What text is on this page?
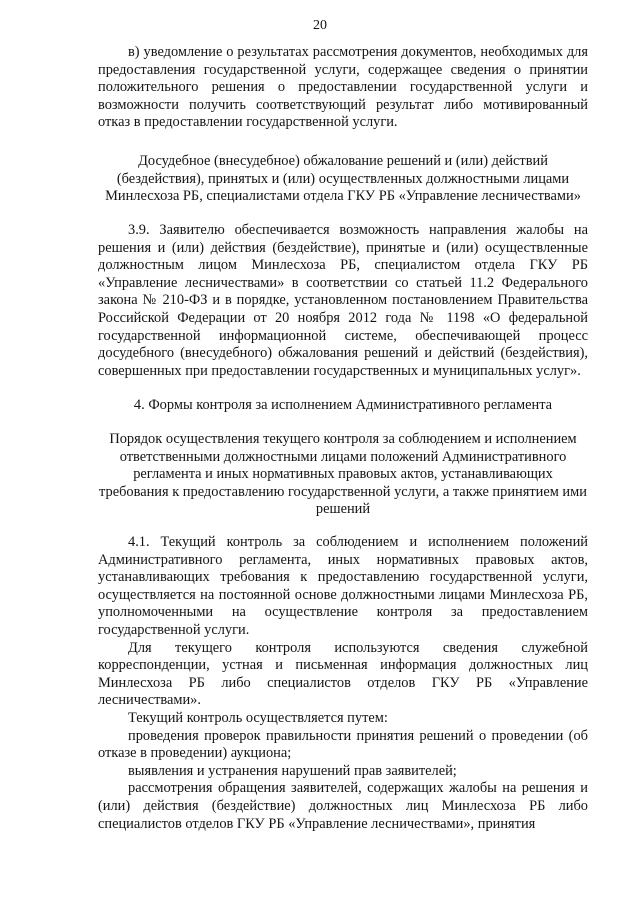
20

в) уведомление о результатах рассмотрения документов, необходимых для предоставления государственной услуги, содержащее сведения о принятии положительного решения о предоставлении государственной услуги и возможности получить соответствующий результат либо мотивированный отказ в предоставлении государственной услуги.

Досудебное (внесудебное) обжалование решений и (или) действий (бездействия), принятых и (или) осуществленных должностными лицами Минлесхоза РБ, специалистами отдела ГКУ РБ «Управление лесничествами»

3.9. Заявителю обеспечивается возможность направления жалобы на решения и (или) действия (бездействие), принятые и (или) осуществленные должностным лицом Минлесхоза РБ, специалистом отдела ГКУ РБ «Управление лесничествами» в соответствии со статьей 11.2 Федерального закона № 210-ФЗ и в порядке, установленном постановлением Правительства Российской Федерации от 20 ноября 2012 года № 1198 «О федеральной государственной информационной системе, обеспечивающей процесс досудебного (внесудебного) обжалования решений и действий (бездействия), совершенных при предоставлении государственных и муниципальных услуг».

4. Формы контроля за исполнением Административного регламента

Порядок осуществления текущего контроля за соблюдением и исполнением ответственными должностными лицами положений Административного регламента и иных нормативных правовых актов, устанавливающих требования к предоставлению государственной услуги, а также принятием ими решений

4.1. Текущий контроль за соблюдением и исполнением положений Административного регламента, иных нормативных правовых актов, устанавливающих требования к предоставлению государственной услуги, осуществляется на постоянной основе должностными лицами Минлесхоза РБ, уполномоченными на осуществление контроля за предоставлением государственной услуги.

Для текущего контроля используются сведения служебной корреспонденции, устная и письменная информация должностных лиц Минлесхоза РБ либо специалистов отделов ГКУ РБ «Управление лесничествами».

Текущий контроль осуществляется путем:

проведения проверок правильности принятия решений о проведении (об отказе в проведении) аукциона;

выявления и устранения нарушений прав заявителей;

рассмотрения обращения заявителей, содержащих жалобы на решения и (или) действия (бездействие) должностных лиц Минлесхоза РБ либо специалистов отделов ГКУ РБ «Управление лесничествами», принятия
